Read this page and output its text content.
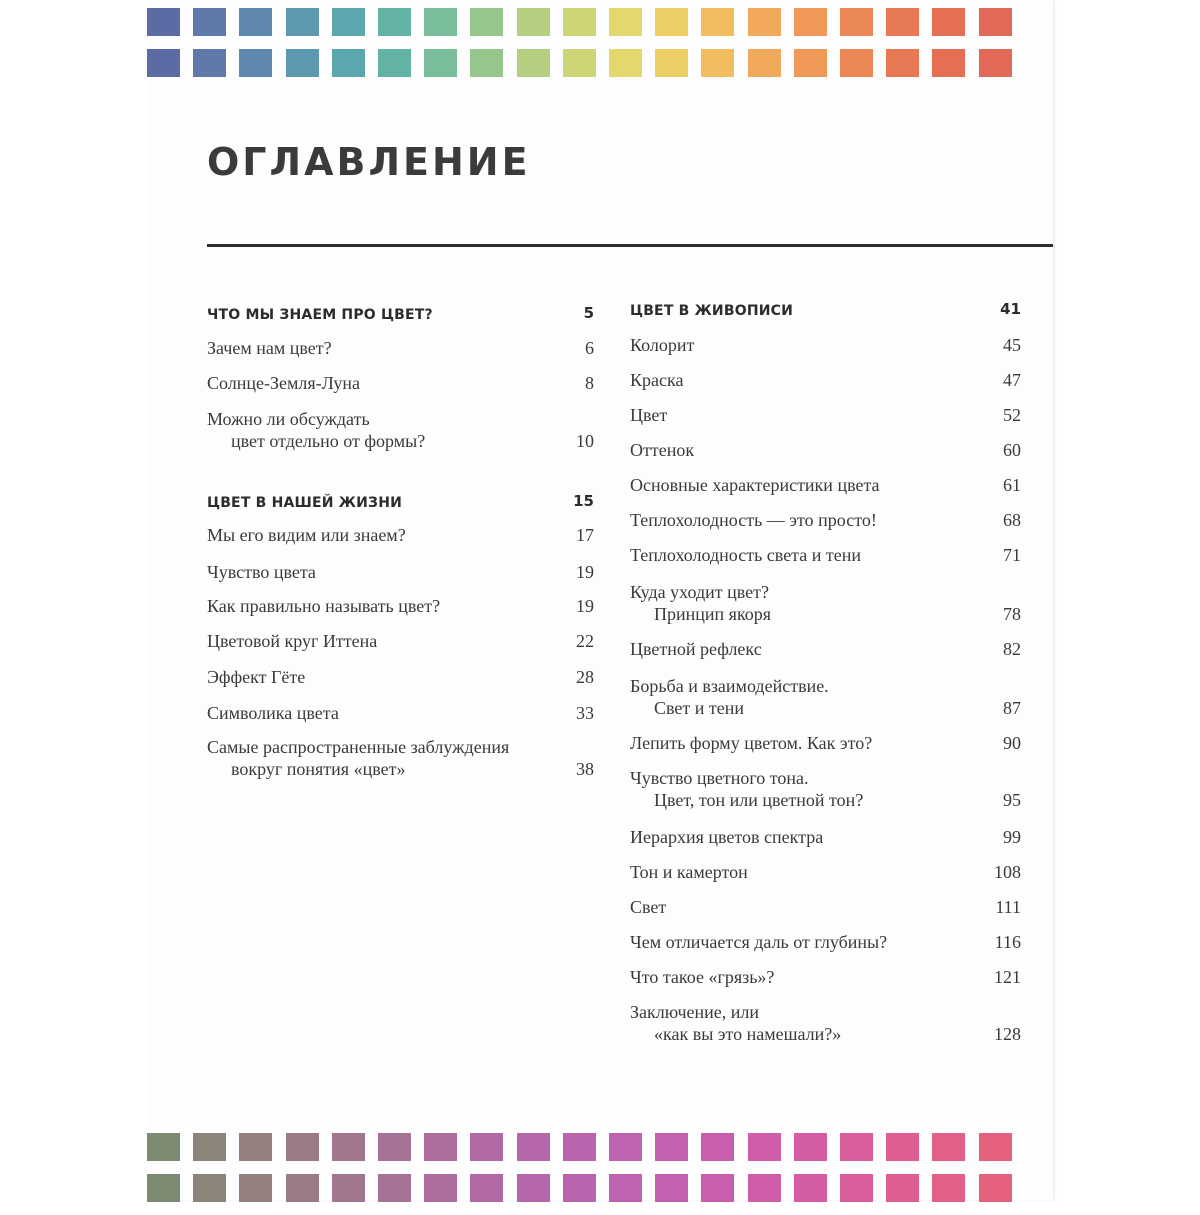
ОГЛАВЛЕНИЕ
ЧТО МЫ ЗНАЕМ ПРО ЦВЕТ?	5
Зачем нам цвет?	6
Солнце-Земля-Луна	8
Можно ли обсуждать
цвет отдельно от формы?	10
ЦВЕТ В НАШЕЙ ЖИЗНИ	15
Мы его видим или знаем?	17
Чувство цвета	19
Как правильно называть цвет?	19
Цветовой круг Иттена	22
Эффект Гёте	28
Символика цвета	33
Самые распространенные заблуждения
вокруг понятия «цвет»	38
ЦВЕТ В ЖИВОПИСИ	41
Колорит	45
Краска	47
Цвет	52
Оттенок	60
Основные характеристики цвета	61
Теплохолодность — это просто!	68
Теплохолодность света и тени	71
Куда уходит цвет?
Принцип якоря	78
Цветной рефлекс	82
Борьба и взаимодействие.
Свет и тени	87
Лепить форму цветом. Как это?	90
Чувство цветного тона.
Цвет, тон или цветной тон?	95
Иерархия цветов спектра	99
Тон и камертон	108
Свет	111
Чем отличается даль от глубины?	116
Что такое «грязь»?	121
Заключение, или
«как вы это намешали?»	128
